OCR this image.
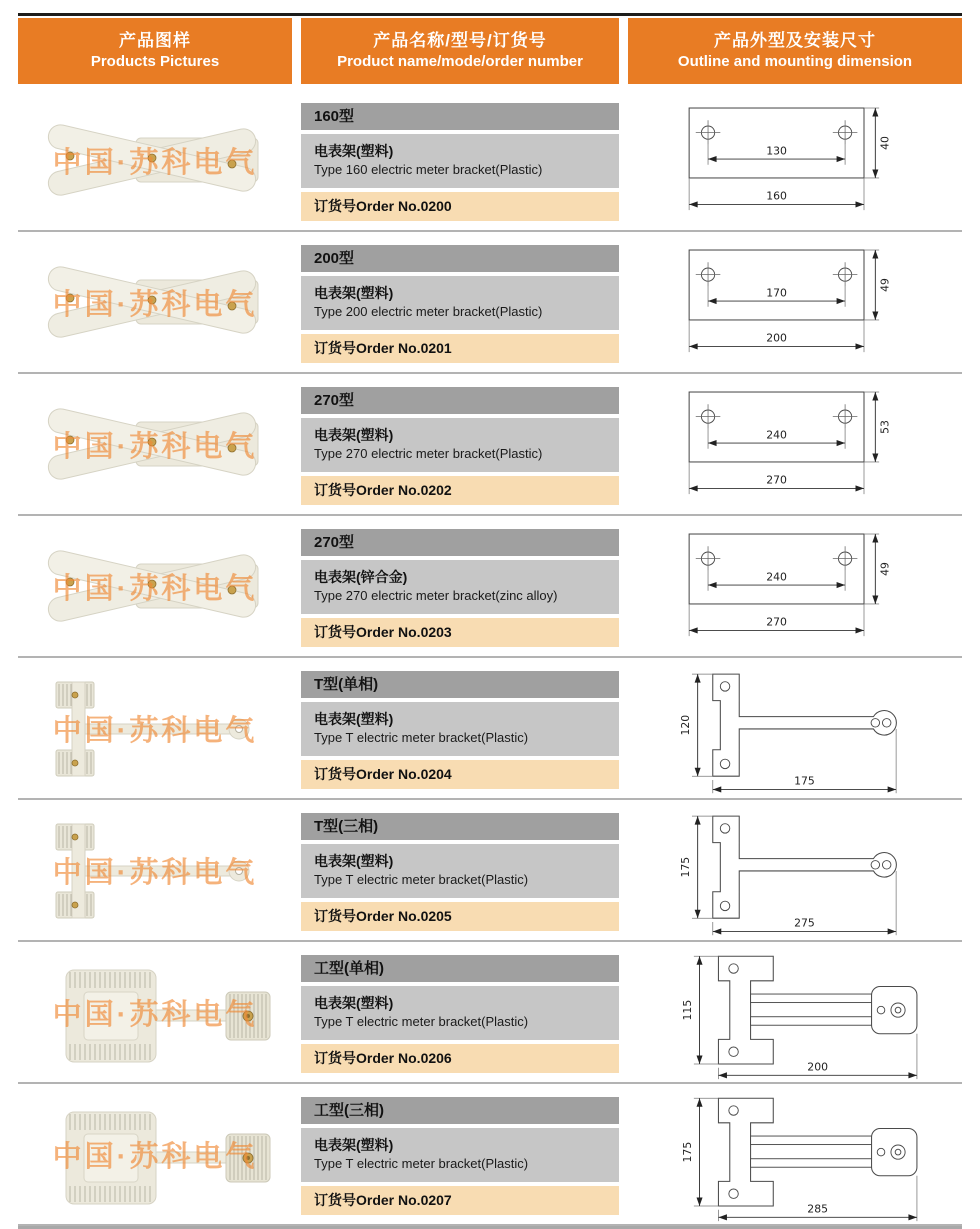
产品图样
Products Pictures
产品名称/型号/订货号
Product name/mode/order number
产品外型及安装尺寸
Outline and mounting dimension
中国·苏科电气
160型
电表架(塑料)
Type 160 electric meter bracket(Plastic)
订货号Order No.0200
130
160
40
中国·苏科电气
200型
电表架(塑料)
Type 200 electric meter bracket(Plastic)
订货号Order No.0201
170
200
49
中国·苏科电气
270型
电表架(塑料)
Type 270 electric meter bracket(Plastic)
订货号Order No.0202
240
270
53
中国·苏科电气
270型
电表架(锌合金)
Type 270 electric meter bracket(zinc alloy)
订货号Order No.0203
240
270
49
中国·苏科电气
T型(单相)
电表架(塑料)
Type T electric meter bracket(Plastic)
订货号Order No.0204
120
175
中国·苏科电气
T型(三相)
电表架(塑料)
Type T electric meter bracket(Plastic)
订货号Order No.0205
175
275
中国·苏科电气
工型(单相)
电表架(塑料)
Type T electric meter bracket(Plastic)
订货号Order No.0206
115
200
中国·苏科电气
工型(三相)
电表架(塑料)
Type T electric meter bracket(Plastic)
订货号Order No.0207
175
285
